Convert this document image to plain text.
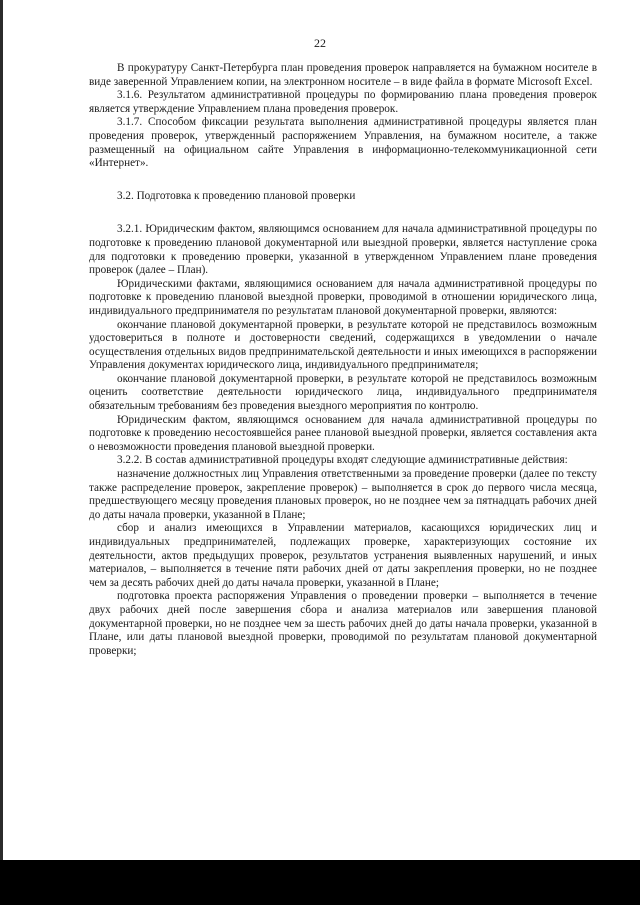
22

В прокуратуру Санкт-Петербурга план проведения проверок направляется на бумажном носителе в виде заверенной Управлением копии, на электронном носителе – в виде файла в формате Microsoft Excel.

3.1.6. Результатом административной процедуры по формированию плана проведения проверок является утверждение Управлением плана проведения проверок.

3.1.7. Способом фиксации результата выполнения административной процедуры является план проведения проверок, утвержденный распоряжением Управления, на бумажном носителе, а также размещенный на официальном сайте Управления в информационно-телекоммуникационной сети «Интернет».

3.2. Подготовка к проведению плановой проверки

3.2.1. Юридическим фактом, являющимся основанием для начала административной процедуры по подготовке к проведению плановой документарной или выездной проверки, является наступление срока для подготовки к проведению проверки, указанной в утвержденном Управлением плане проведения проверок (далее – План).

Юридическими фактами, являющимися основанием для начала административной процедуры по подготовке к проведению плановой выездной проверки, проводимой в отношении юридического лица, индивидуального предпринимателя по результатам плановой документарной проверки, являются:

окончание плановой документарной проверки, в результате которой не представилось возможным удостовериться в полноте и достоверности сведений, содержащихся в уведомлении о начале осуществления отдельных видов предпринимательской деятельности и иных имеющихся в распоряжении Управления документах юридического лица, индивидуального предпринимателя;

окончание плановой документарной проверки, в результате которой не представилось возможным оценить соответствие деятельности юридического лица, индивидуального предпринимателя обязательным требованиям без проведения выездного мероприятия по контролю.

Юридическим фактом, являющимся основанием для начала административной процедуры по подготовке к проведению несостоявшейся ранее плановой выездной проверки, является составления акта о невозможности проведения плановой выездной проверки.

3.2.2. В состав административной процедуры входят следующие административные действия:

назначение должностных лиц Управления ответственными за проведение проверки (далее по тексту также распределение проверок, закрепление проверок) – выполняется в срок до первого числа месяца, предшествующего месяцу проведения плановых проверок, но не позднее чем за пятнадцать рабочих дней до даты начала проверки, указанной в Плане;

сбор и анализ имеющихся в Управлении материалов, касающихся юридических лиц и индивидуальных предпринимателей, подлежащих проверке, характеризующих состояние их деятельности, актов предыдущих проверок, результатов устранения выявленных нарушений, и иных материалов, – выполняется в течение пяти рабочих дней от даты закрепления проверки, но не позднее чем за десять рабочих дней до даты начала проверки, указанной в Плане;

подготовка проекта распоряжения Управления о проведении проверки – выполняется в течение двух рабочих дней после завершения сбора и анализа материалов или завершения плановой документарной проверки, но не позднее чем за шесть рабочих дней до даты начала проверки, указанной в Плане, или даты плановой выездной проверки, проводимой по результатам плановой документарной проверки;
